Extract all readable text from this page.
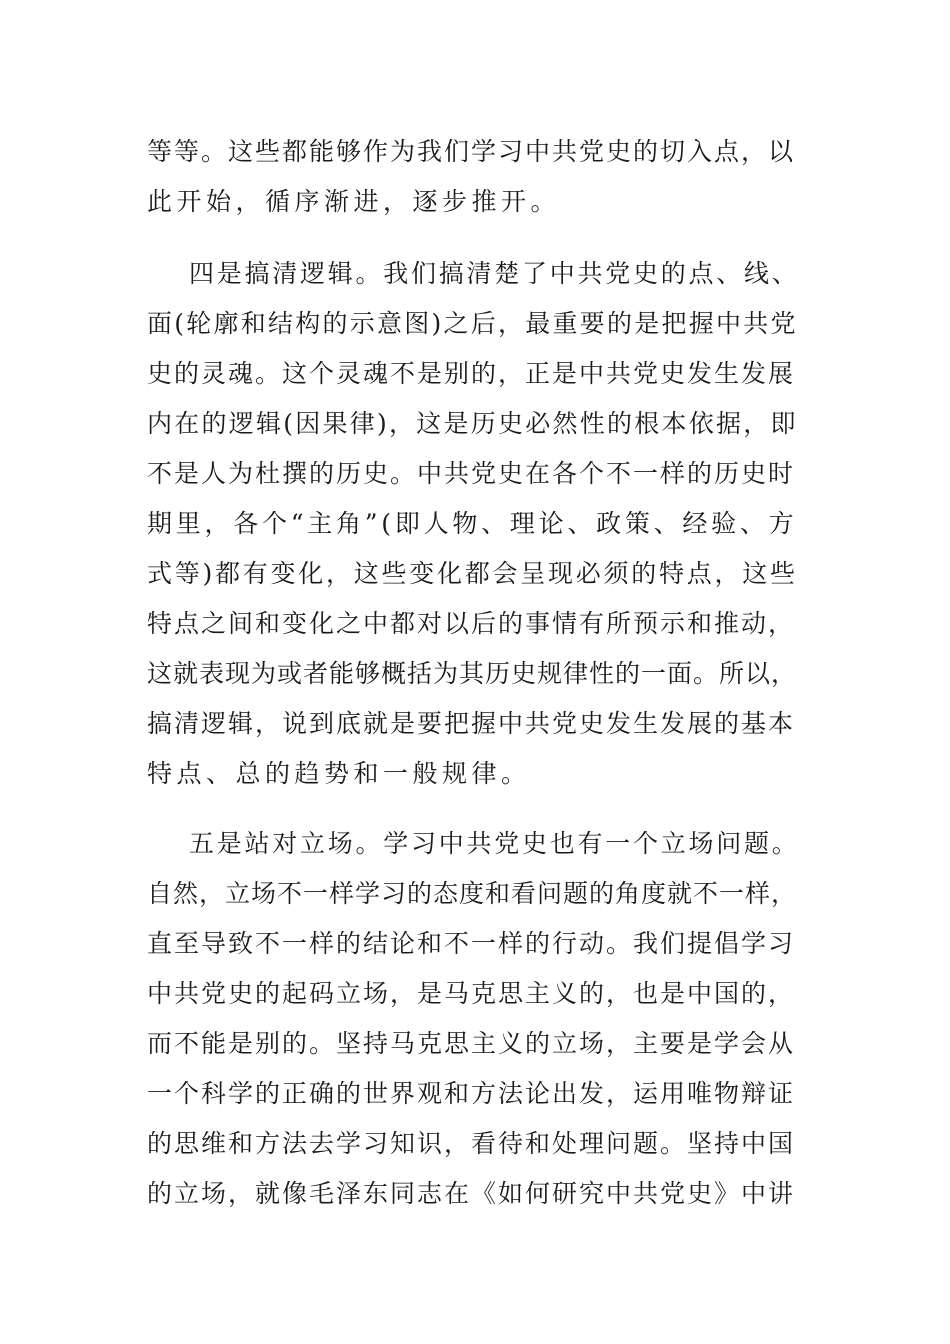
等等。这些都能够作为我们学习中共党史的切入点，以
此开始，循序渐进，逐步推开。
四是搞清逻辑。我们搞清楚了中共党史的点、线、
面(轮廓和结构的示意图)之后，最重要的是把握中共党
史的灵魂。这个灵魂不是别的，正是中共党史发生发展
内在的逻辑(因果律)，这是历史必然性的根本依据，即
不是人为杜撰的历史。中共党史在各个不一样的历史时
期里，各个“主角”(即人物、理论、政策、经验、方
式等)都有变化，这些变化都会呈现必须的特点，这些
特点之间和变化之中都对以后的事情有所预示和推动，
这就表现为或者能够概括为其历史规律性的一面。所以，
搞清逻辑，说到底就是要把握中共党史发生发展的基本
特点、总的趋势和一般规律。
五是站对立场。学习中共党史也有一个立场问题。
自然，立场不一样学习的态度和看问题的角度就不一样，
直至导致不一样的结论和不一样的行动。我们提倡学习
中共党史的起码立场，是马克思主义的，也是中国的，
而不能是别的。坚持马克思主义的立场，主要是学会从
一个科学的正确的世界观和方法论出发，运用唯物辩证
的思维和方法去学习知识，看待和处理问题。坚持中国
的立场，就像毛泽东同志在《如何研究中共党史》中讲
